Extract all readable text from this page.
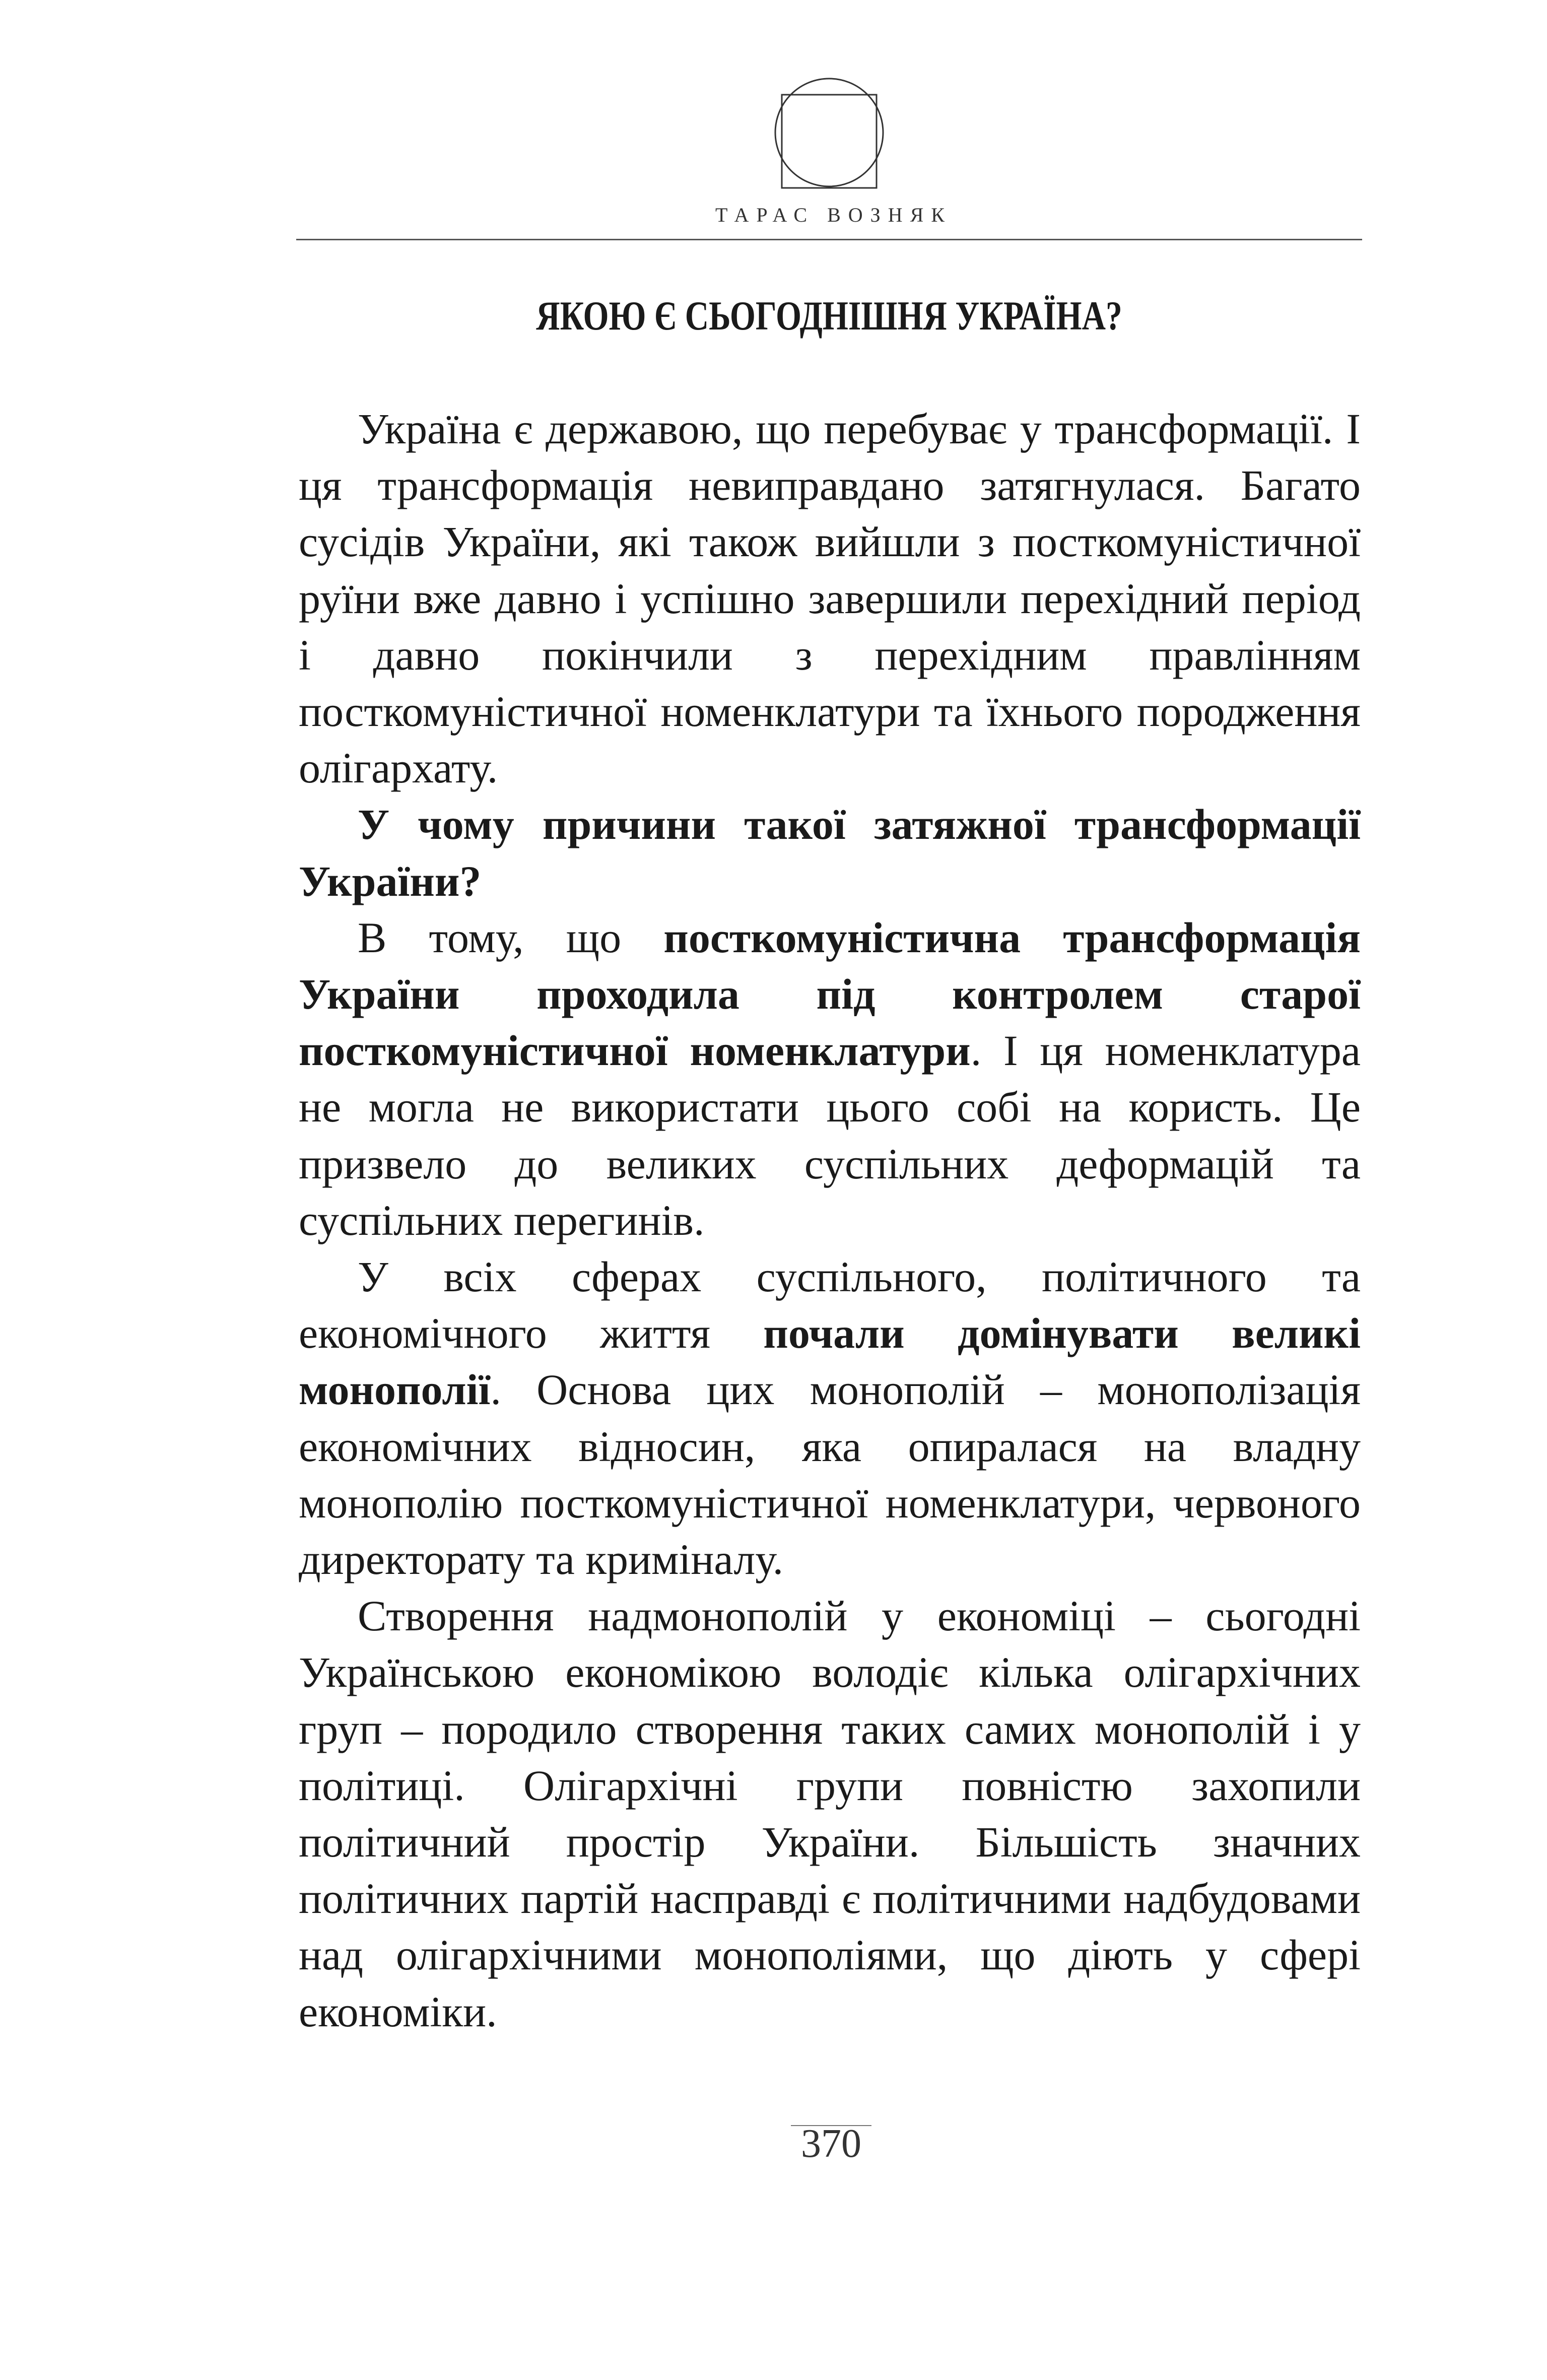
ТАРАС ВОЗНЯК
ЯКОЮ Є СЬОГОДНІШНЯ УКРАЇНА?

Україна є державою, що перебуває у трансформації. І ця трансформація невиправдано затягнулася. Багато сусідів України, які також вийшли з посткомуністичної руїни вже давно і успішно завершили перехідний період і давно покінчили з перехідним правлінням посткомуністичної номенклатури та їхнього породження олігархату.

У чому причини такої затяжної трансформації України?

В тому, що посткомуністична трансформація України проходила під контролем старої посткомуністичної номенклатури. І ця номенклатура не могла не використати цього собі на користь. Це призвело до великих суспільних деформацій та суспільних перегинів.

У всіх сферах суспільного, політичного та економічного життя почали домінувати великі монополії. Основа цих монополій – монополізація економічних відносин, яка опиралася на владну монополію посткомуністичної номенклатури, червоного директорату та криміналу.

Створення надмонополій у економіці – сьогодні Українською економікою володіє кілька олігархічних груп – породило створення таких самих монополій і у політиці. Олігархічні групи повністю захопили політичний простір України. Більшість значних політичних партій насправді є політичними надбудовами над олігархічними монополіями, що діють у сфері економіки.

370
